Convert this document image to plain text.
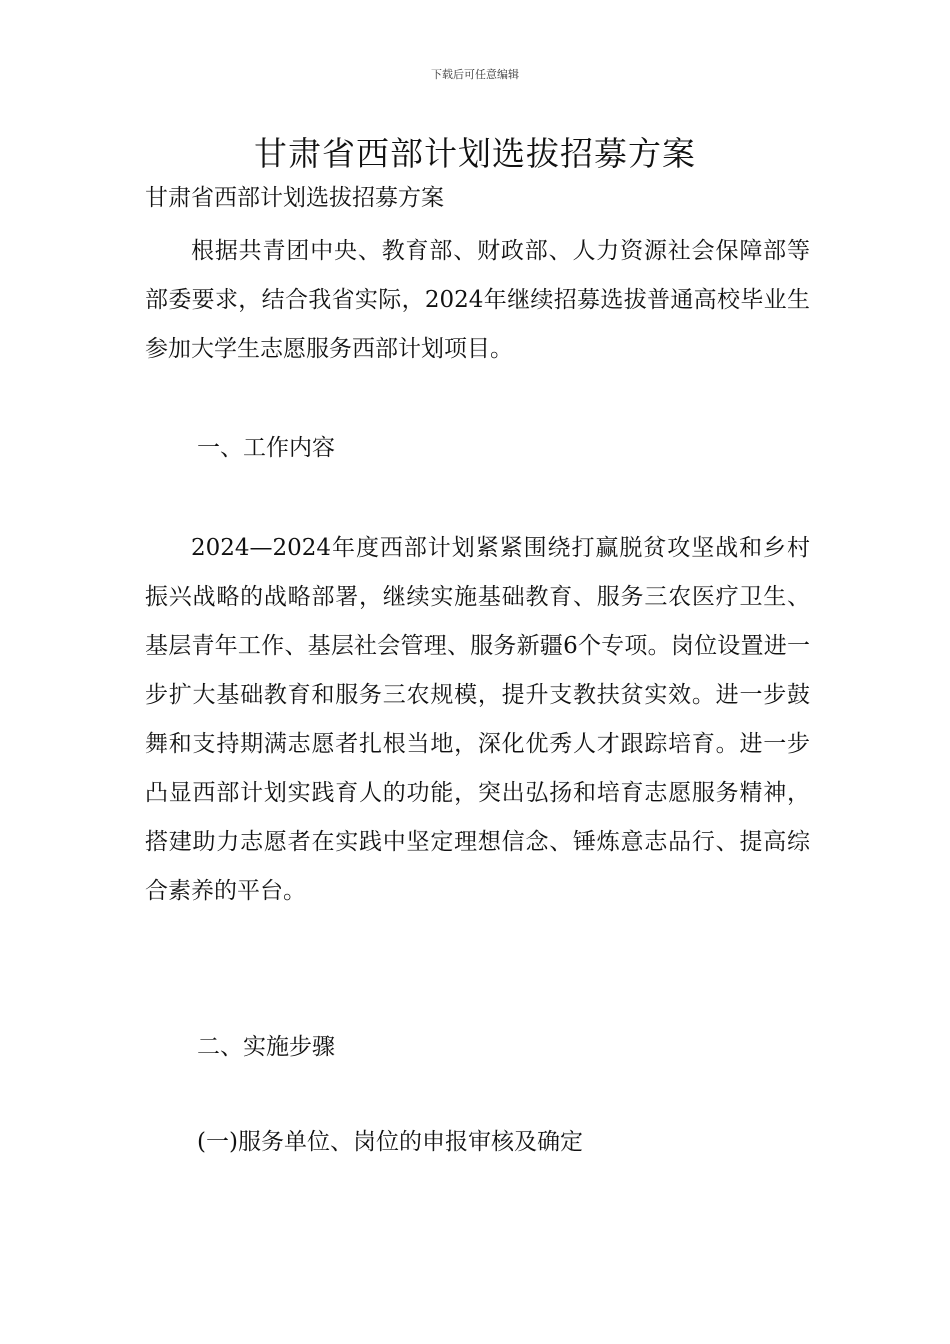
下载后可任意编辑
甘肃省西部计划选拔招募方案
甘肃省西部计划选拔招募方案
根据共青团中央、教育部、财政部、人力资源社会保障部等部委要求，结合我省实际，2024年继续招募选拔普通高校毕业生参加大学生志愿服务西部计划项目。
一、工作内容
2024—2024年度西部计划紧紧围绕打赢脱贫攻坚战和乡村振兴战略的战略部署，继续实施基础教育、服务三农医疗卫生、基层青年工作、基层社会管理、服务新疆6个专项。岗位设置进一步扩大基础教育和服务三农规模，提升支教扶贫实效。进一步鼓舞和支持期满志愿者扎根当地，深化优秀人才跟踪培育。进一步凸显西部计划实践育人的功能，突出弘扬和培育志愿服务精神，搭建助力志愿者在实践中坚定理想信念、锤炼意志品行、提高综合素养的平台。
二、实施步骤
(一)服务单位、岗位的申报审核及确定
